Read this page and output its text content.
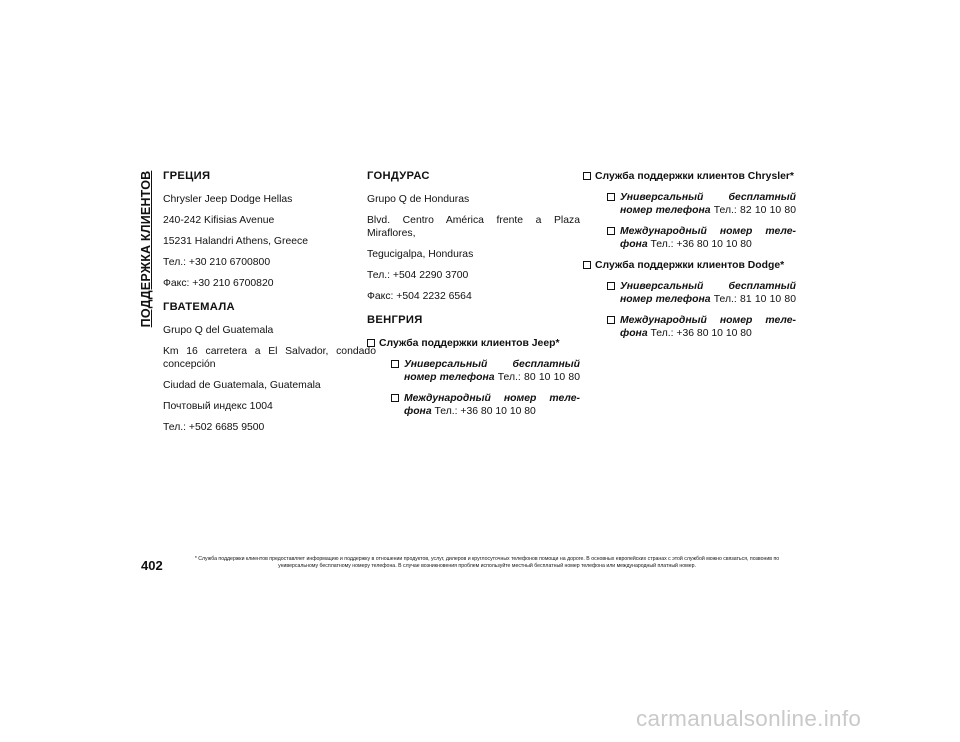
ПОДДЕРЖКА КЛИЕНТОВ ГРЕЦИЯ
Chrysler Jeep Dodge Hellas
240-242 Kifisias Avenue
15231 Halandri Athens, Greece
Тел.: +30 210 6700800
Факс: +30 210 6700820
ГВАТЕМАЛА
Grupo Q del Guatemala
Km 16 carretera a El Salvador, condado concepción
Ciudad de Guatemala, Guatemala
Почтовый индекс 1004
Тел.: +502 6685 9500
ГОНДУРАС
Grupo Q de Honduras
Blvd. Centro América frente a Plaza Miraflores,
Tegucigalpa, Honduras
Тел.: +504 2290 3700
Факс: +504 2232 6564
ВЕНГРИЯ
Служба поддержки клиентов Jeep*
Универсальный бесплатный номер телефона Тел.: 80 10 10 80
Международный номер теле- фона Тел.: +36 80 10 10 80
Служба поддержки клиентов Chrysler*
Универсальный бесплатный номер телефона Тел.: 82 10 10 80
Международный номер теле- фона Тел.: +36 80 10 10 80
Служба поддержки клиентов Dodge*
Универсальный бесплатный номер телефона Тел.: 81 10 10 80
Международный номер теле- фона Тел.: +36 80 10 10 80
402	* Служба поддержки клиентов предоставляет информацию и поддержку в отношении продуктов, услуг, дилеров и круглосуточных телефонов помощи на дороге. В основных европейских странах с этой службой можно связаться, позвонив по универсальному бесплатному номеру телефона. В случае возникновения проблем используйте местный бесплатный номер телефона или международный платный номер.
carmanualsonline.info
